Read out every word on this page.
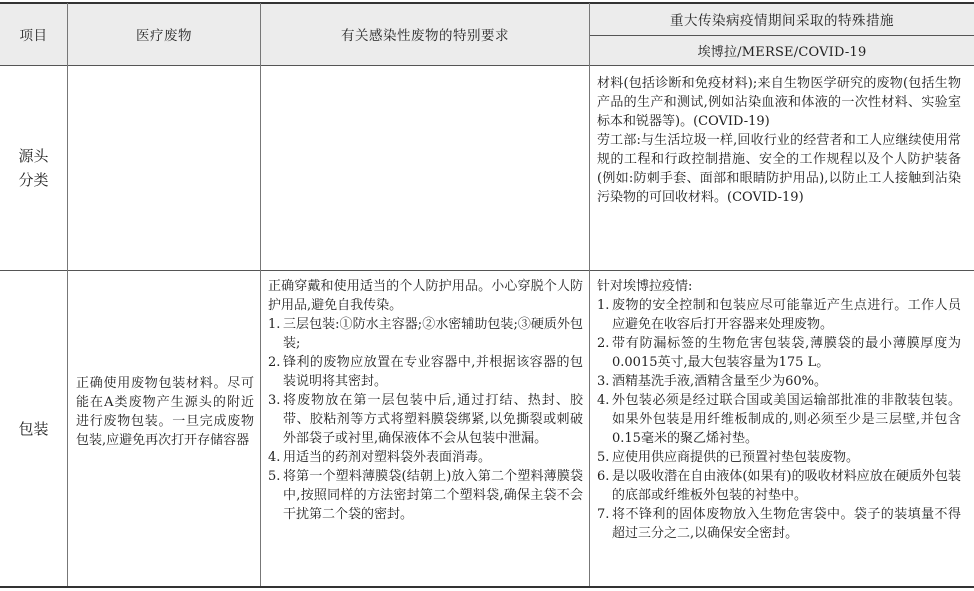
项目	医疗废物	有关感染性废物的特别要求
重大传染病疫情期间采取的特殊措施
埃博拉/MERSE/COVID-19
源头
分类

材料(包括诊断和免疫材料);来自生物医学研究的废物(包括生物产品的生产和测试,例如沾染血液和体液的一次性材料、实验室标本和锐器等)。(COVID-19)

劳工部:与生活垃圾一样,回收行业的经营者和工人应继续使用常规的工程和行政控制措施、安全的工作规程以及个人防护装备(例如:防刺手套、面部和眼睛防护用品),以防止工人接触到沾染污染物的可回收材料。(COVID-19)

包装
正确使用废物包装材料。尽可能在A类废物产生源头的附近进行废物包装。一旦完成废物包装,应避免再次打开存储容器

正确穿戴和使用适当的个人防护用品。小心穿脱个人防护用品,避免自我传染。

1. 三层包装:①防水主容器;②水密辅助包装;③硬质外包装;
2. 锋利的废物应放置在专业容器中,并根据该容器的包装说明将其密封。
3. 将废物放在第一层包装中后,通过打结、热封、胶带、胶粘剂等方式将塑料膜袋绑紧,以免撕裂或刺破外部袋子或衬里,确保液体不会从包装中泄漏。
4. 用适当的药剂对塑料袋外表面消毒。
5. 将第一个塑料薄膜袋(结朝上)放入第二个塑料薄膜袋中,按照同样的方法密封第二个塑料袋,确保主袋不会干扰第二个袋的密封。

针对埃博拉疫情:

1. 废物的安全控制和包装应尽可能靠近产生点进行。工作人员应避免在收容后打开容器来处理废物。
2. 带有防漏标签的生物危害包装袋,薄膜袋的最小薄膜厚度为0.0015英寸,最大包装容量为175 L。
3. 酒精基洗手液,酒精含量至少为60%。
4. 外包装必须是经过联合国或美国运输部批准的非散装包装。如果外包装是用纤维板制成的,则必须至少是三层壁,并包含0.15毫米的聚乙烯衬垫。
5. 应使用供应商提供的已预置衬垫包装废物。
6. 是以吸收潜在自由液体(如果有)的吸收材料应放在硬质外包装的底部或纤维板外包装的衬垫中。
7. 将不锋利的固体废物放入生物危害袋中。袋子的装填量不得超过三分之二,以确保安全密封。
